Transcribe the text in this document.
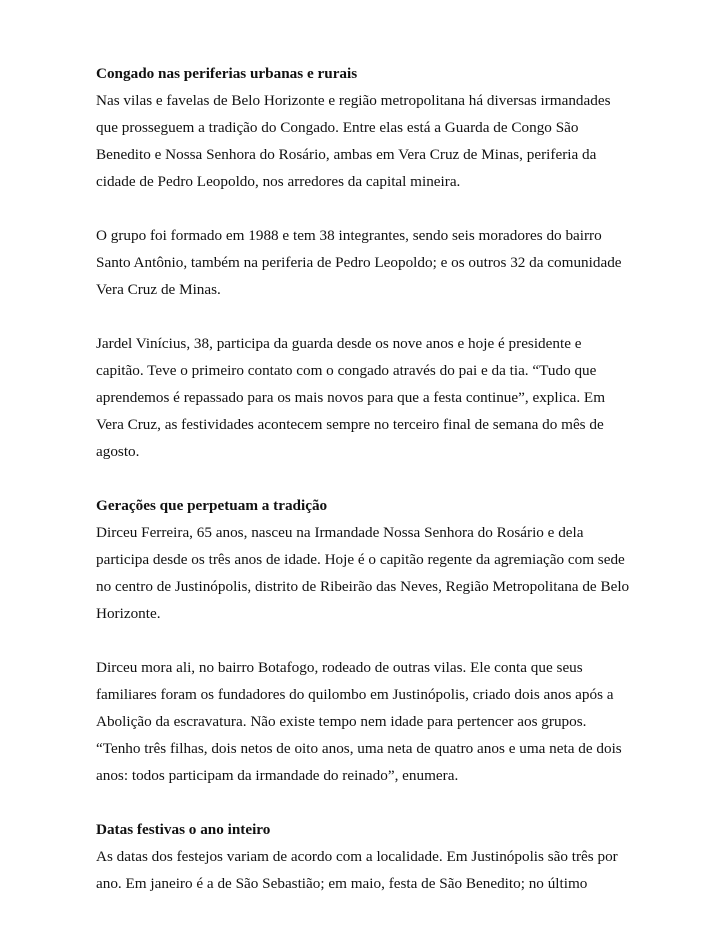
Congado nas periferias urbanas e rurais
Nas vilas e favelas de Belo Horizonte e região metropolitana há diversas irmandades
que prosseguem a tradição do Congado. Entre elas está a Guarda de Congo São
Benedito e Nossa Senhora do Rosário, ambas em Vera Cruz de Minas, periferia da
cidade de Pedro Leopoldo, nos arredores da capital mineira.
O grupo foi formado em 1988 e tem 38 integrantes, sendo seis moradores do bairro
Santo Antônio, também na periferia de Pedro Leopoldo; e os outros 32 da comunidade
Vera Cruz de Minas.
Jardel Vinícius, 38, participa da guarda desde os nove anos e hoje é presidente e
capitão. Teve o primeiro contato com o congado através do pai e da tia. “Tudo que
aprendemos é repassado para os mais novos para que a festa continue”, explica. Em
Vera Cruz, as festividades acontecem sempre no terceiro final de semana do mês de
agosto.
Gerações que perpetuam a tradição
Dirceu Ferreira, 65 anos, nasceu na Irmandade Nossa Senhora do Rosário e dela
participa desde os três anos de idade. Hoje é o capitão regente da agremiação com sede
no centro de Justinópolis, distrito de Ribeirão das Neves, Região Metropolitana de Belo
Horizonte.
Dirceu mora ali, no bairro Botafogo, rodeado de outras vilas. Ele conta que seus
familiares foram os fundadores do quilombo em Justinópolis, criado dois anos após a
Abolição da escravatura. Não existe tempo nem idade para pertencer aos grupos.
“Tenho três filhas, dois netos de oito anos, uma neta de quatro anos e uma neta de dois
anos: todos participam da irmandade do reinado”, enumera.
Datas festivas o ano inteiro
As datas dos festejos variam de acordo com a localidade. Em Justinópolis são três por
ano. Em janeiro é a de São Sebastião; em maio, festa de São Benedito; no último
